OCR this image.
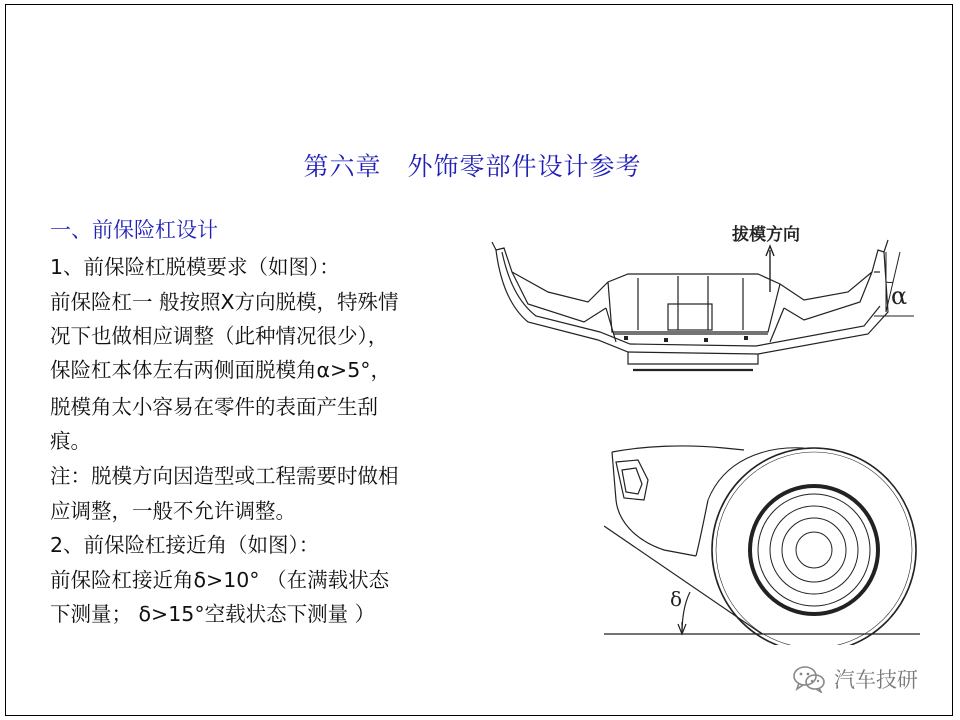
第六章　外饰零部件设计参考
一、前保险杠设计
1、前保险杠脱模要求（如图）：
前保险杠一 般按照X方向脱模，特殊情
况下也做相应调整（此种情况很少），
保险杠本体左右两侧面脱模角α>5°，
脱模角太小容易在零件的表面产生刮
痕。
注：脱模方向因造型或工程需要时做相
应调整，一般不允许调整。
2、前保险杠接近角（如图）：
前保险杠接近角δ>10° （在满载状态
下测量； δ>15°空载状态下测量 ）
拔模方向
α
δ
汽车技研
